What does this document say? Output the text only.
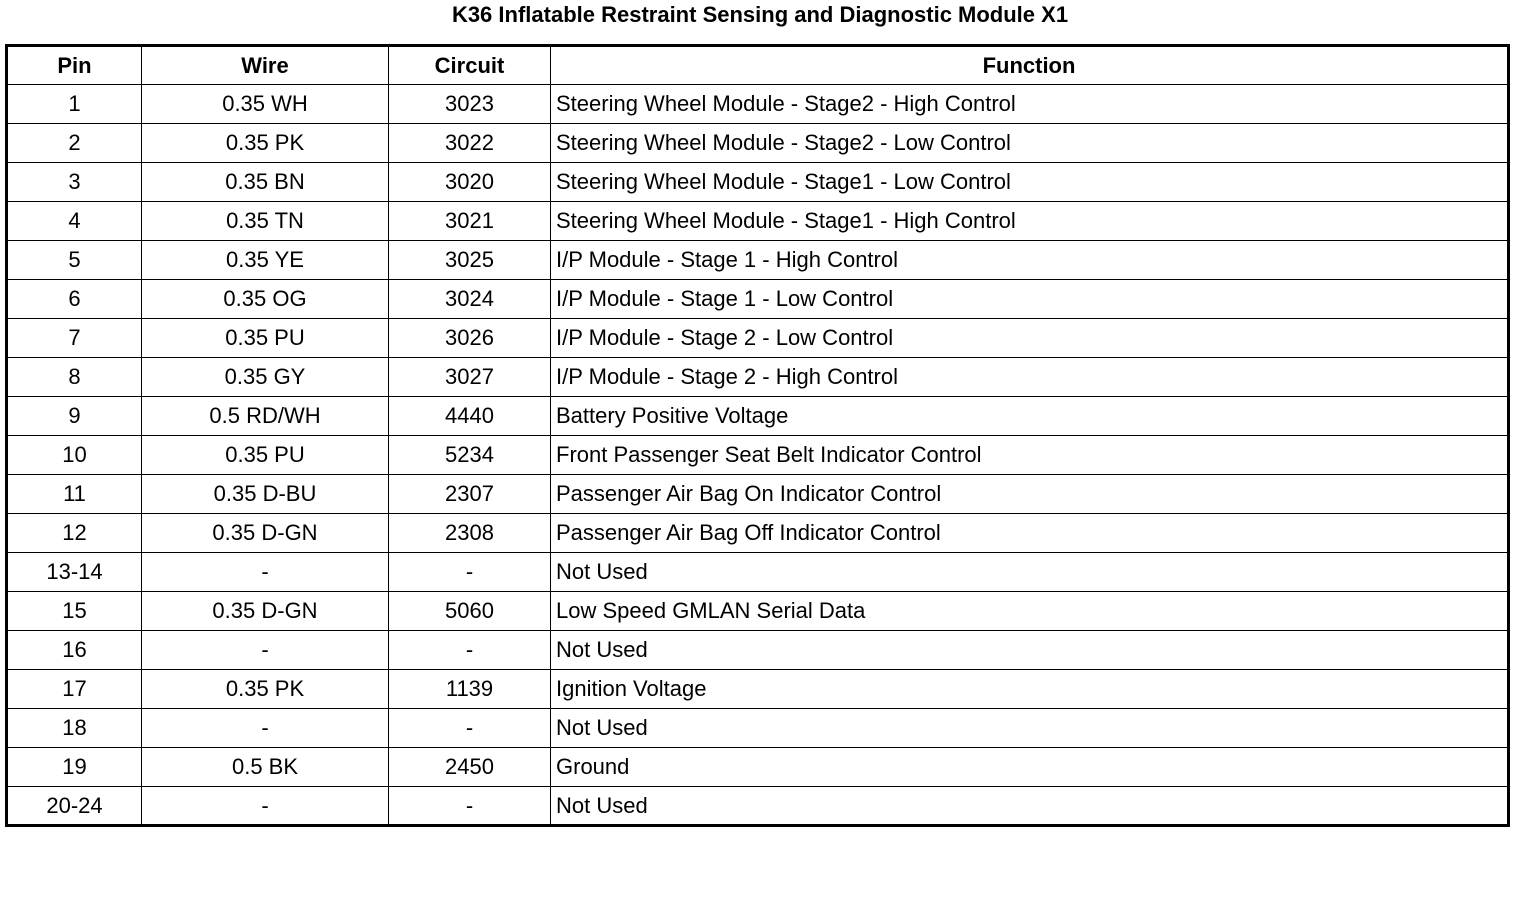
K36 Inflatable Restraint Sensing and Diagnostic Module X1
Pin	Wire	Circuit	Function
1	0.35 WH	3023	Steering Wheel Module - Stage2 - High Control
2	0.35 PK	3022	Steering Wheel Module - Stage2 - Low Control
3	0.35 BN	3020	Steering Wheel Module - Stage1 - Low Control
4	0.35 TN	3021	Steering Wheel Module - Stage1 - High Control
5	0.35 YE	3025	I/P Module - Stage 1 - High Control
6	0.35 OG	3024	I/P Module - Stage 1 - Low Control
7	0.35 PU	3026	I/P Module - Stage 2 - Low Control
8	0.35 GY	3027	I/P Module - Stage 2 - High Control
9	0.5 RD/WH	4440	Battery Positive Voltage
10	0.35 PU	5234	Front Passenger Seat Belt Indicator Control
11	0.35 D-BU	2307	Passenger Air Bag On Indicator Control
12	0.35 D-GN	2308	Passenger Air Bag Off Indicator Control
13-14	-	-	Not Used
15	0.35 D-GN	5060	Low Speed GMLAN Serial Data
16	-	-	Not Used
17	0.35 PK	1139	Ignition Voltage
18	-	-	Not Used
19	0.5 BK	2450	Ground
20-24	-	-	Not Used
